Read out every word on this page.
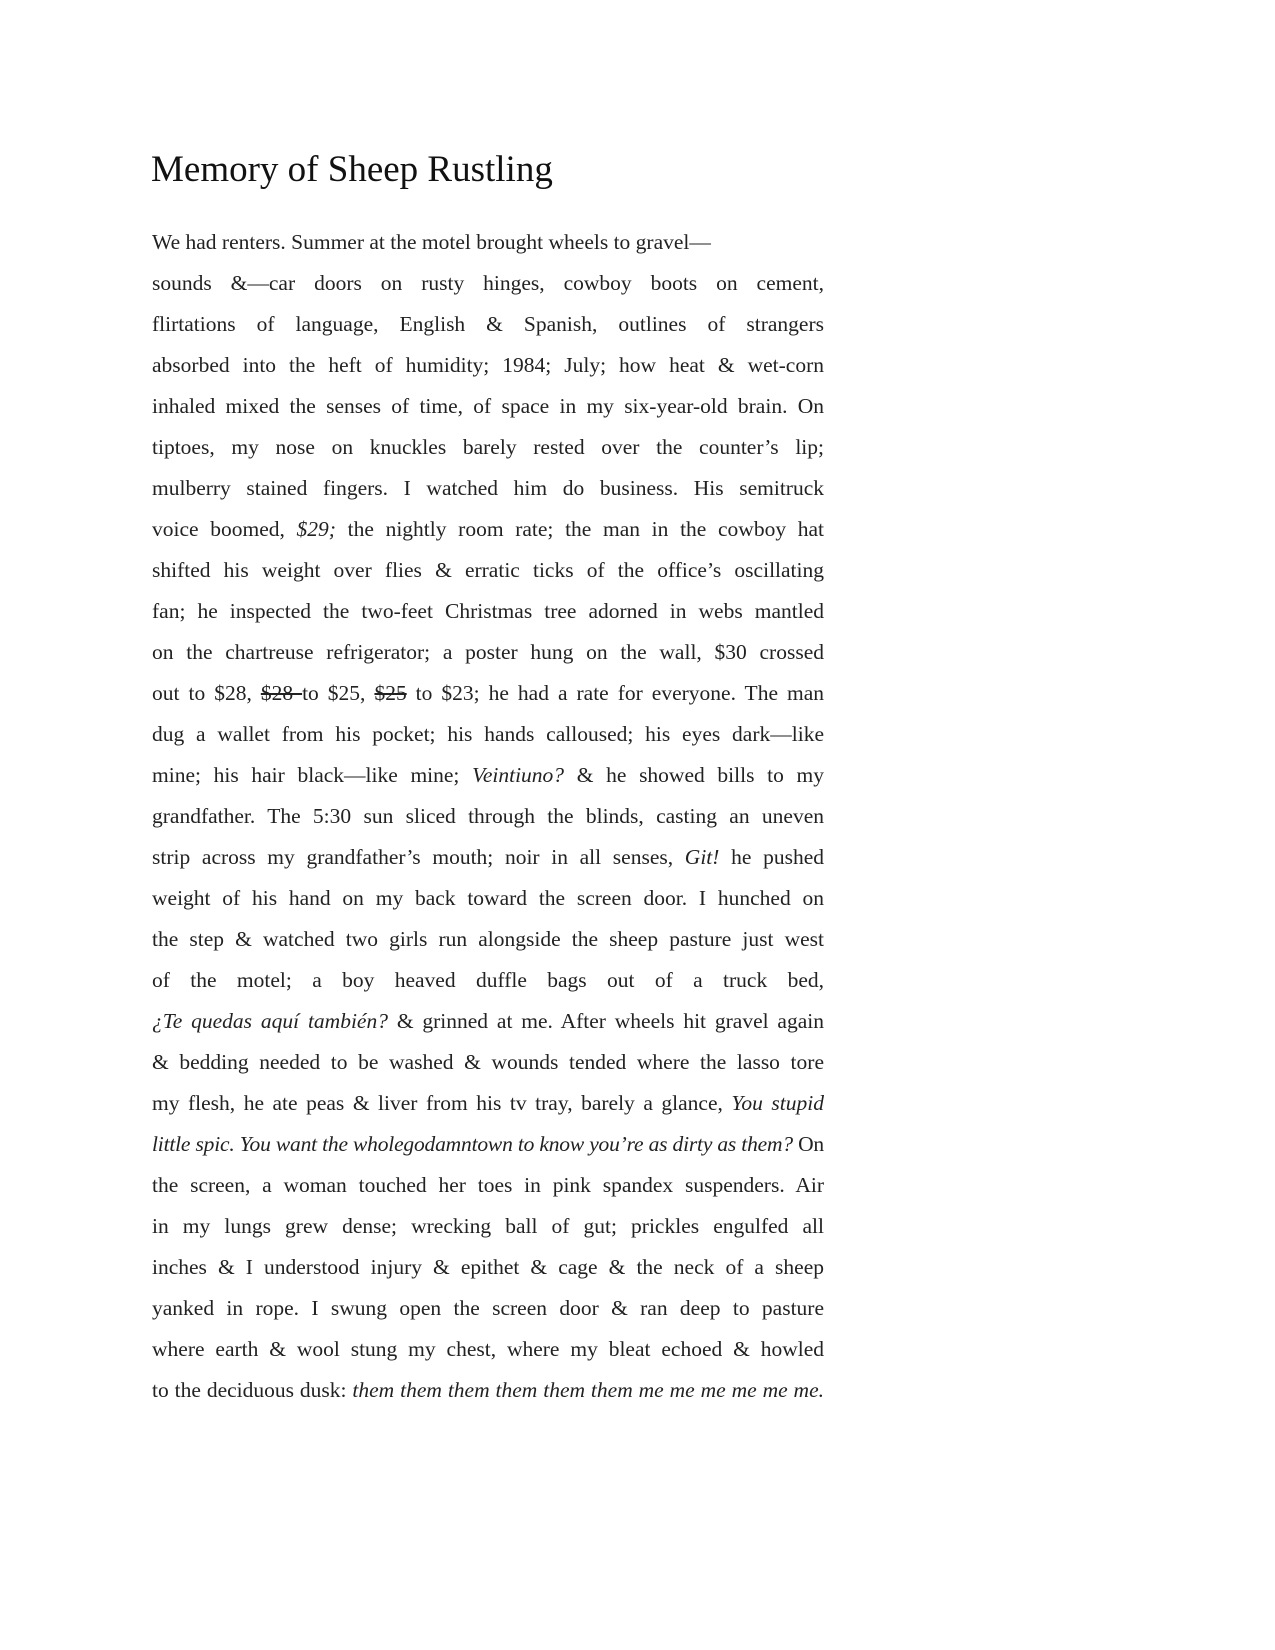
Memory of Sheep Rustling
We had renters. Summer at the motel brought wheels to gravel—
sounds &—car doors on rusty hinges, cowboy boots on cement,
flirtations of language, English & Spanish, outlines of strangers
absorbed into the heft of humidity; 1984; July; how heat & wet-corn
inhaled mixed the senses of time, of space in my six-year-old brain. On
tiptoes, my nose on knuckles barely rested over the counter’s lip;
mulberry stained fingers. I watched him do business. His semitruck
voice boomed, $29; the nightly room rate; the man in the cowboy hat
shifted his weight over flies & erratic ticks of the office’s oscillating
fan; he inspected the two-feet Christmas tree adorned in webs mantled
on the chartreuse refrigerator; a poster hung on the wall, $30 crossed
out to $28, $28 to $25, $25 to $23; he had a rate for everyone. The man
dug a wallet from his pocket; his hands calloused; his eyes dark—like
mine; his hair black—like mine; Veintiuno? & he showed bills to my
grandfather. The 5:30 sun sliced through the blinds, casting an uneven
strip across my grandfather’s mouth; noir in all senses, Git! he pushed
weight of his hand on my back toward the screen door. I hunched on
the step & watched two girls run alongside the sheep pasture just west
of the motel; a boy heaved duffle bags out of a truck bed,
¿Te quedas aquí también? & grinned at me. After wheels hit gravel again
& bedding needed to be washed & wounds tended where the lasso tore
my flesh, he ate peas & liver from his tv tray, barely a glance, You stupid
little spic. You want the wholegodamntown to know you’re as dirty as them? On
the screen, a woman touched her toes in pink spandex suspenders. Air
in my lungs grew dense; wrecking ball of gut; prickles engulfed all
inches & I understood injury & epithet & cage & the neck of a sheep
yanked in rope. I swung open the screen door & ran deep to pasture
where earth & wool stung my chest, where my bleat echoed & howled
to the deciduous dusk: them them them them them them me me me me me me.
